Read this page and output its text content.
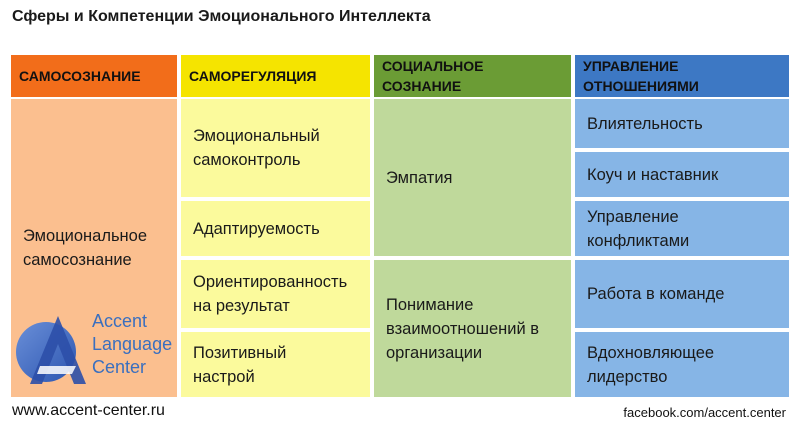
Сферы и Компетенции Эмоционального Интеллекта
САМОСОЗНАНИЕ
Эмоциональное
самосознание
САМОРЕГУЛЯЦИЯ
Эмоциональный
самоконтроль
Адаптируемость
Ориентированность
на результат
Позитивный
настрой
СОЦИАЛЬНОЕ
СОЗНАНИЕ
Эмпатия
Понимание
взаимоотношений в
организации
УПРАВЛЕНИЕ
ОТНОШЕНИЯМИ
Влиятельность
Коуч и наставник
Управление
конфликтами
Работа в команде
Вдохновляющее
лидерство
Accent
Language
Center
www.accent-center.ru	facebook.com/accent.center
